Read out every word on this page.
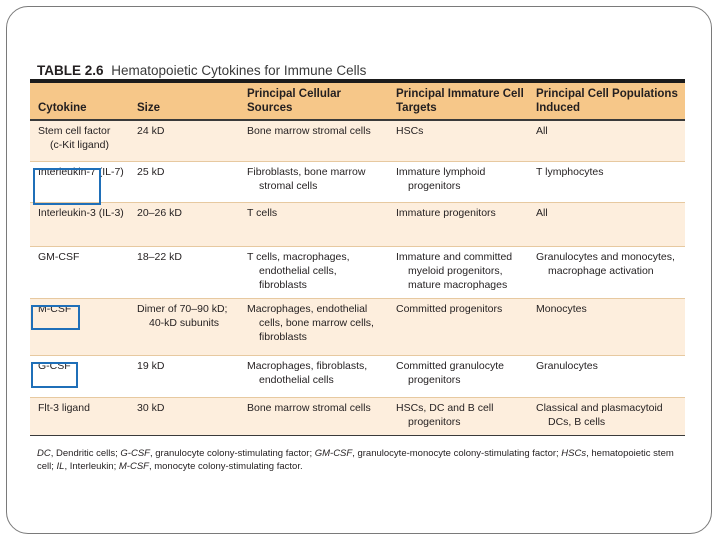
TABLE 2.6 Hematopoietic Cytokines for Immune Cells
Cytokine	Size	Principal Cellular Sources	Principal Immature Cell Targets	Principal Cell Populations Induced

Stem cell factor (c-Kit ligand)	24 kD	Bone marrow stromal cells	HSCs	All

Interleukin-7 (IL-7)	25 kD	Fibroblasts, bone marrow stromal cells	Immature lymphoid progenitors	T lymphocytes

Interleukin-3 (IL-3)	20–26 kD	T cells	Immature progenitors	All

GM-CSF	18–22 kD	T cells, macrophages, endothelial cells, fibroblasts	Immature and committed myeloid progenitors, mature macrophages	Granulocytes and monocytes, macrophage activation

M-CSF	Dimer of 70–90 kD; 40-kD subunits	Macrophages, endothelial cells, bone marrow cells, fibroblasts	Committed progenitors	Monocytes

G-CSF	19 kD	Macrophages, fibroblasts, endothelial cells	Committed granulocyte progenitors	Granulocytes

Flt-3 ligand	30 kD	Bone marrow stromal cells	HSCs, DC and B cell progenitors	Classical and plasmacytoid DCs, B cells
DC, Dendritic cells; G-CSF, granulocyte colony-stimulating factor; GM-CSF, granulocyte-monocyte colony-stimulating factor; HSCs, hematopoietic stem cell; IL, Interleukin; M-CSF, monocyte colony-stimulating factor.
